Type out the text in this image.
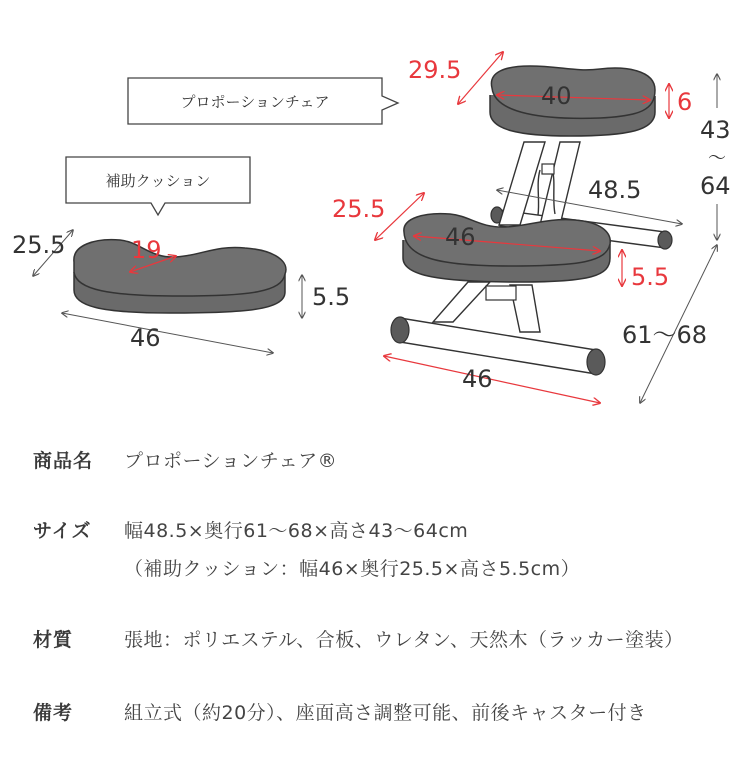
プロポーションチェア
補助クッション
25.5	19
5.5
46
29.5
40	6
43
～
64
48.5
25.5
46
5.5
61～68
46
商品名 プロポーションチェア®
サイズ 幅48.5×奥行61～68×高さ43～64cm
（補助クッション：幅46×奥行25.5×高さ5.5cm）
材質	張地：ポリエステル、合板、ウレタン、天然木（ラッカー塗装）
備考	組立式（約20分）、座面高さ調整可能、前後キャスター付き
